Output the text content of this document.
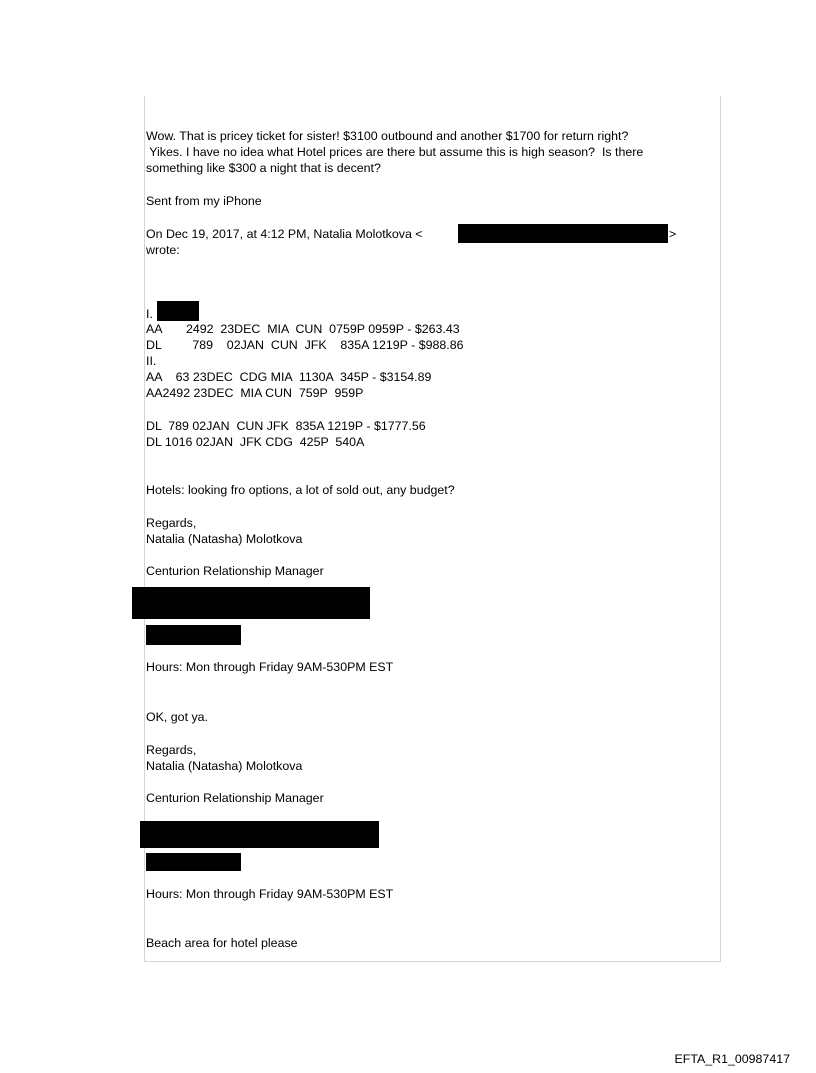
Wow. That is pricey ticket for sister! $3100 outbound and another $1700 for return right?
Yikes. I have no idea what Hotel prices are there but assume this is high season?  Is there
something like $300 a night that is decent?
Sent from my iPhone
On Dec 19, 2017, at 4:12 PM, Natalia Molotkova <	>
wrote:
I.
AA       2492  23DEC  MIA  CUN  0759P 0959P - $263.43
DL         789    02JAN  CUN  JFK    835A 1219P - $988.86
II.
AA    63 23DEC  CDG MIA  1130A  345P - $3154.89
AA2492 23DEC  MIA CUN  759P  959P
DL  789 02JAN  CUN JFK  835A 1219P - $1777.56
DL 1016 02JAN  JFK CDG  425P  540A
Hotels: looking fro options, a lot of sold out, any budget?
Regards,
Natalia (Natasha) Molotkova
Centurion Relationship Manager
Hours: Mon through Friday 9AM-530PM EST
OK, got ya.
Regards,
Natalia (Natasha) Molotkova
Centurion Relationship Manager
Hours: Mon through Friday 9AM-530PM EST
Beach area for hotel please
EFTA_R1_00987417
